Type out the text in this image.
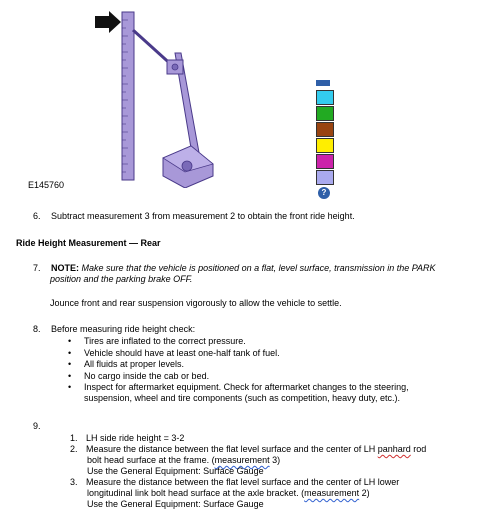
E145760
?
6. Subtract measurement 3 from measurement 2 to obtain the front ride height.
Ride Height Measurement — Rear
7. NOTE: Make sure that the vehicle is positioned on a flat, level surface, transmission in the PARK
position and the parking brake OFF.
Jounce front and rear suspension vigorously to allow the vehicle to settle.
8. Before measuring ride height check:
• Tires are inflated to the correct pressure.
• Vehicle should have at least one-half tank of fuel.
• All fluids at proper levels.
• No cargo inside the cab or bed.
• Inspect for aftermarket equipment. Check for aftermarket changes to the steering,
suspension, wheel and tire components (such as competition, heavy duty, etc.).
9.
1. LH side ride height = 3-2
2. Measure the distance between the flat level surface and the center of LH panhard rod
bolt head surface at the frame. (measurement 3)
Use the General Equipment: Surface Gauge
3. Measure the distance between the flat level surface and the center of LH lower
longitudinal link bolt head surface at the axle bracket. (measurement 2)
Use the General Equipment: Surface Gauge
